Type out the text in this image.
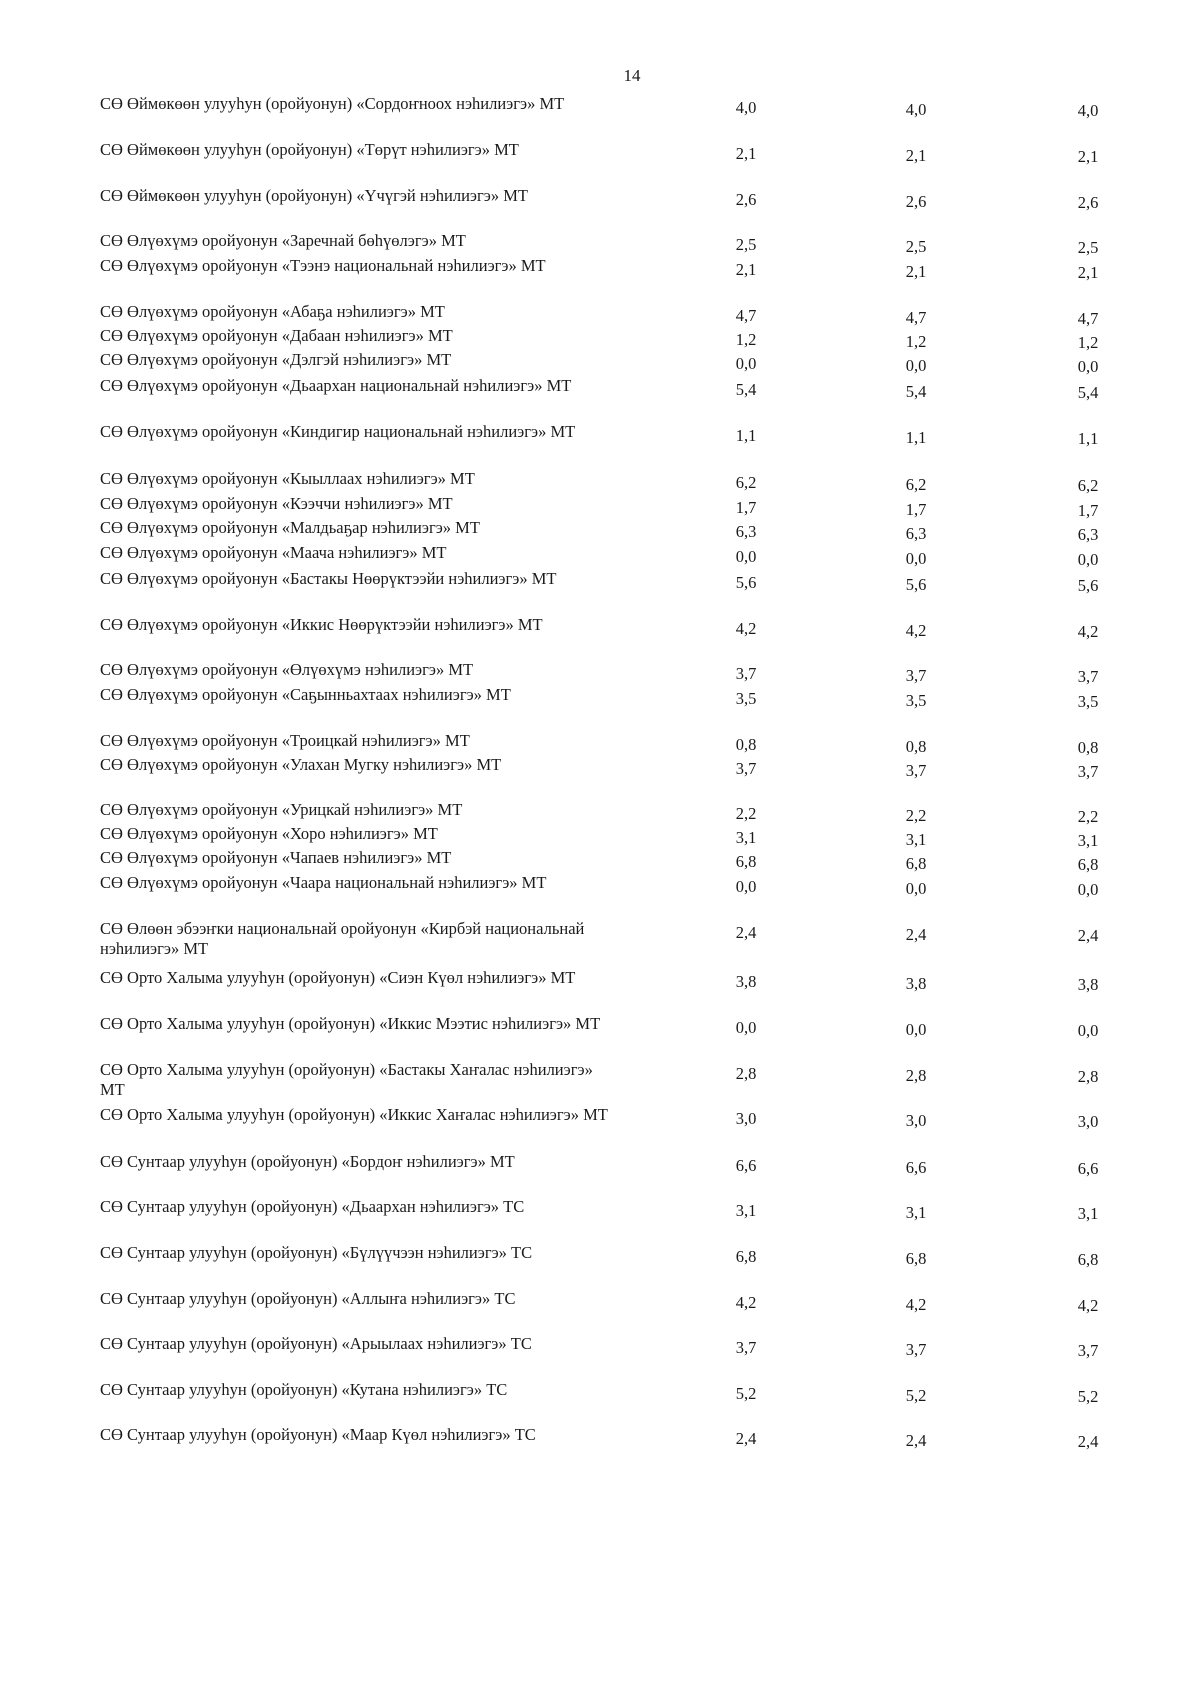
14
СӨ Өймөкөөн улууһун (оройуонун) «Сордоҥноох нэһилиэгэ» МТ	4,0	4,0	4,0
СӨ Өймөкөөн улууһун (оройуонун) «Төрүт нэһилиэгэ» МТ	2,1	2,1	2,1
СӨ Өймөкөөн улууһун (оройуонун) «Үчүгэй нэһилиэгэ» МТ	2,6	2,6	2,6
СӨ Өлүөхүмэ оройуонун «Заречнай бөһүөлэгэ» МТ	2,5	2,5	2,5
СӨ Өлүөхүмэ оройуонун «Тээнэ национальнай нэһилиэгэ» МТ	2,1	2,1	2,1
СӨ Өлүөхүмэ оройуонун «Абаҕа нэһилиэгэ» МТ	4,7	4,7	4,7
СӨ Өлүөхүмэ оройуонун «Дабаан нэһилиэгэ» МТ	1,2	1,2	1,2
СӨ Өлүөхүмэ оройуонун «Дэлгэй нэһилиэгэ» МТ	0,0	0,0	0,0
СӨ Өлүөхүмэ оройуонун «Дьаархан национальнай нэһилиэгэ» МТ	5,4	5,4	5,4
СӨ Өлүөхүмэ оройуонун «Киндигир национальнай нэһилиэгэ» МТ	1,1	1,1	1,1
СӨ Өлүөхүмэ оройуонун «Кыыллаах нэһилиэгэ» МТ	6,2	6,2	6,2
СӨ Өлүөхүмэ оройуонун «Кээччи нэһилиэгэ» МТ	1,7	1,7	1,7
СӨ Өлүөхүмэ оройуонун «Малдьаҕар нэһилиэгэ» МТ	6,3	6,3	6,3
СӨ Өлүөхүмэ оройуонун «Маача нэһилиэгэ» МТ	0,0	0,0	0,0
СӨ Өлүөхүмэ оройуонун «Бастакы Нөөрүктээйи нэһилиэгэ» МТ	5,6	5,6	5,6
СӨ Өлүөхүмэ оройуонун «Иккис Нөөрүктээйи нэһилиэгэ» МТ	4,2	4,2	4,2
СӨ Өлүөхүмэ оройуонун «Өлүөхүмэ нэһилиэгэ» МТ	3,7	3,7	3,7
СӨ Өлүөхүмэ оройуонун «Саҕынньахтаах нэһилиэгэ» МТ	3,5	3,5	3,5
СӨ Өлүөхүмэ оройуонун «Троицкай нэһилиэгэ» МТ	0,8	0,8	0,8
СӨ Өлүөхүмэ оройуонун «Улахан Мугку нэһилиэгэ» МТ	3,7	3,7	3,7
СӨ Өлүөхүмэ оройуонун «Урицкай нэһилиэгэ» МТ	2,2	2,2	2,2
СӨ Өлүөхүмэ оройуонун «Хоро нэһилиэгэ» МТ	3,1	3,1	3,1
СӨ Өлүөхүмэ оройуонун «Чапаев нэһилиэгэ» МТ	6,8	6,8	6,8
СӨ Өлүөхүмэ оройуонун «Чаара национальнай нэһилиэгэ» МТ	0,0	0,0	0,0
СӨ Өлөөн эбээҥки национальнай оройуонун «Кирбэй национальнай нэһилиэгэ» МТ
2,4	2,4	2,4
СӨ Орто Халыма улууһун (оройуонун) «Сиэн Күөл нэһилиэгэ» МТ	3,8	3,8	3,8
СӨ Орто Халыма улууһун (оройуонун) «Иккис Мээтис нэһилиэгэ» МТ	0,0	0,0	0,0
СӨ Орто Халыма улууһун (оройуонун) «Бастакы Хаҥалас нэһилиэгэ» МТ
2,8	2,8	2,8
СӨ Орто Халыма улууһун (оройуонун) «Иккис Хаҥалас нэһилиэгэ» МТ	3,0	3,0	3,0
СӨ Сунтаар улууһун (оройуонун) «Бордоҥ нэһилиэгэ» МТ	6,6	6,6	6,6
СӨ Сунтаар улууһун (оройуонун) «Дьаархан нэһилиэгэ» ТС	3,1	3,1	3,1
СӨ Сунтаар улууһун (оройуонун) «Бүлүүчээн нэһилиэгэ» ТС	6,8	6,8	6,8
СӨ Сунтаар улууһун (оройуонун) «Аллыҥа нэһилиэгэ» ТС	4,2	4,2	4,2
СӨ Сунтаар улууһун (оройуонун) «Арыылаах нэһилиэгэ» ТС	3,7	3,7	3,7
СӨ Сунтаар улууһун (оройуонун) «Кутана нэһилиэгэ» ТС	5,2	5,2	5,2
СӨ Сунтаар улууһун (оройуонун) «Маар Күөл нэһилиэгэ» ТС	2,4	2,4	2,4
